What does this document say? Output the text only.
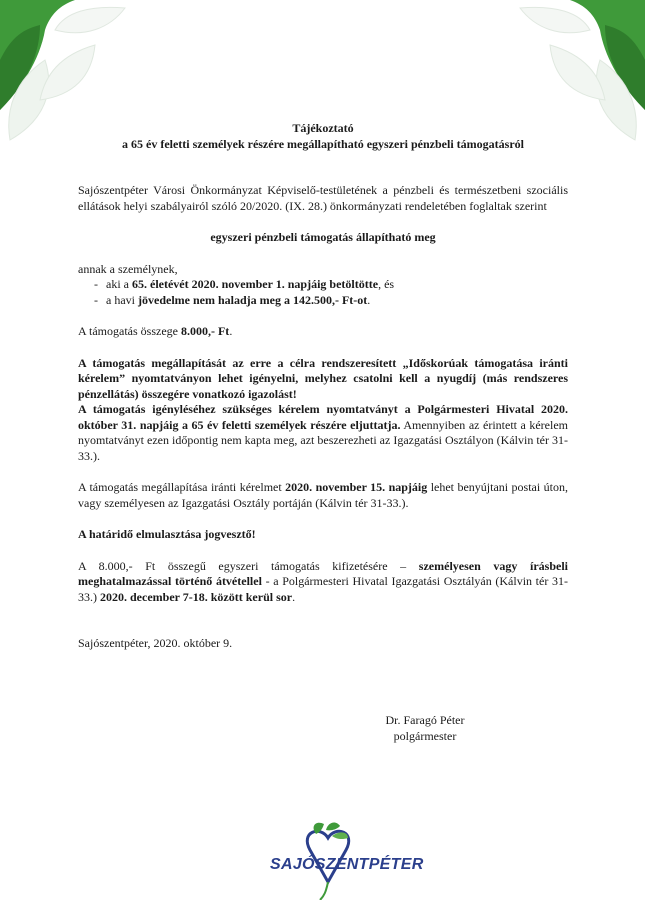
Tájékoztató

a 65 év feletti személyek részére megállapítható egyszeri pénzbeli támogatásról

Sajószentpéter Városi Önkormányzat Képviselő-testületének a pénzbeli és természetbeni szociális ellátások helyi szabályairól szóló 20/2020. (IX. 28.) önkormányzati rendeletében foglaltak szerint

egyszeri pénzbeli támogatás állapítható meg

annak a személynek,

- aki a 65. életévét 2020. november 1. napjáig betöltötte, és
- a havi jövedelme nem haladja meg a 142.500,- Ft-ot.

A támogatás összege 8.000,- Ft.

A támogatás megállapítását az erre a célra rendszeresített „Időskorúak támogatása iránti kérelem” nyomtatványon lehet igényelni, melyhez csatolni kell a nyugdíj (más rendszeres pénzellátás) összegére vonatkozó igazolást!
A támogatás igényléséhez szükséges kérelem nyomtatványt a Polgármesteri Hivatal 2020. október 31. napjáig a 65 év feletti személyek részére eljuttatja. Amennyiben az érintett a kérelem nyomtatványt ezen időpontig nem kapta meg, azt beszerezheti az Igazgatási Osztályon (Kálvin tér 31-33.).

A támogatás megállapítása iránti kérelmet 2020. november 15. napjáig lehet benyújtani postai úton, vagy személyesen az Igazgatási Osztály portáján (Kálvin tér 31-33.).

A határidő elmulasztása jogvesztő!

A 8.000,- Ft összegű egyszeri támogatás kifizetésére – személyesen vagy írásbeli meghatalmazással történő átvétellel - a Polgármesteri Hivatal Igazgatási Osztályán (Kálvin tér 31-33.) 2020. december 7-18. között kerül sor.

Sajószentpéter, 2020. október 9.

Dr. Faragó Péter
polgármester
SAJÓSZENTPÉTER
